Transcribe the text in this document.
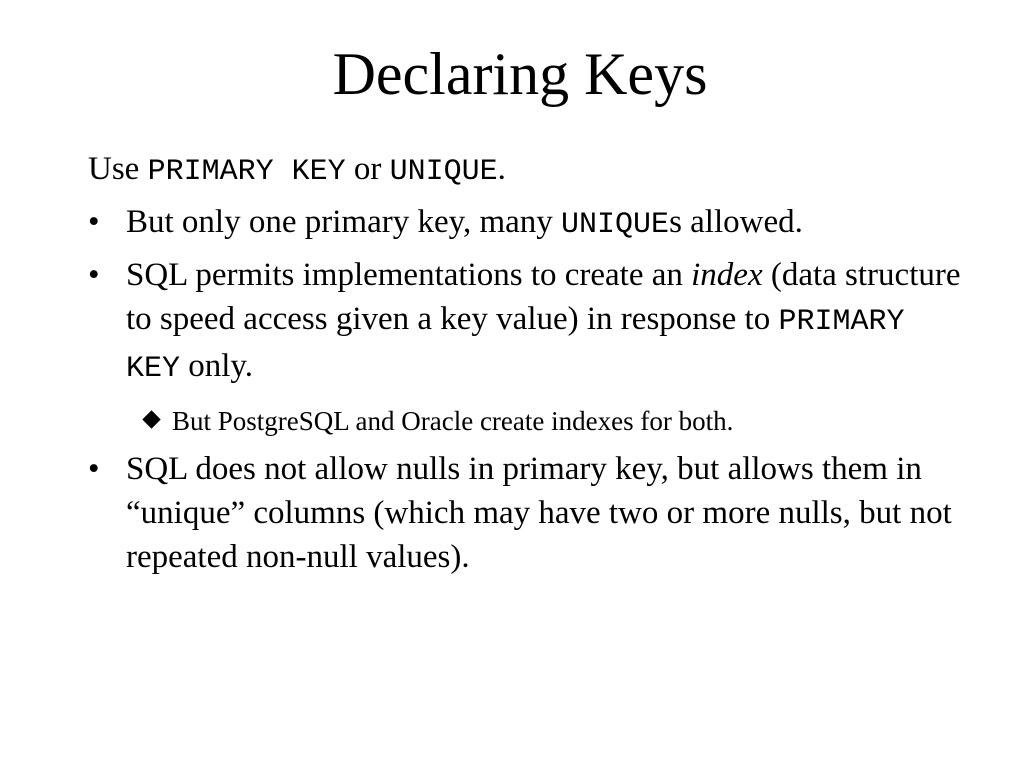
Declaring Keys
Use PRIMARY KEY or UNIQUE.
• But only one primary key, many UNIQUEs allowed.
• SQL permits implementations to create an index (data structure to speed access given a key value) in response to PRIMARY KEY only.
But PostgreSQL and Oracle create indexes for both.
• SQL does not allow nulls in primary key, but allows them in “unique” columns (which may have two or more nulls, but not repeated non-null values).
